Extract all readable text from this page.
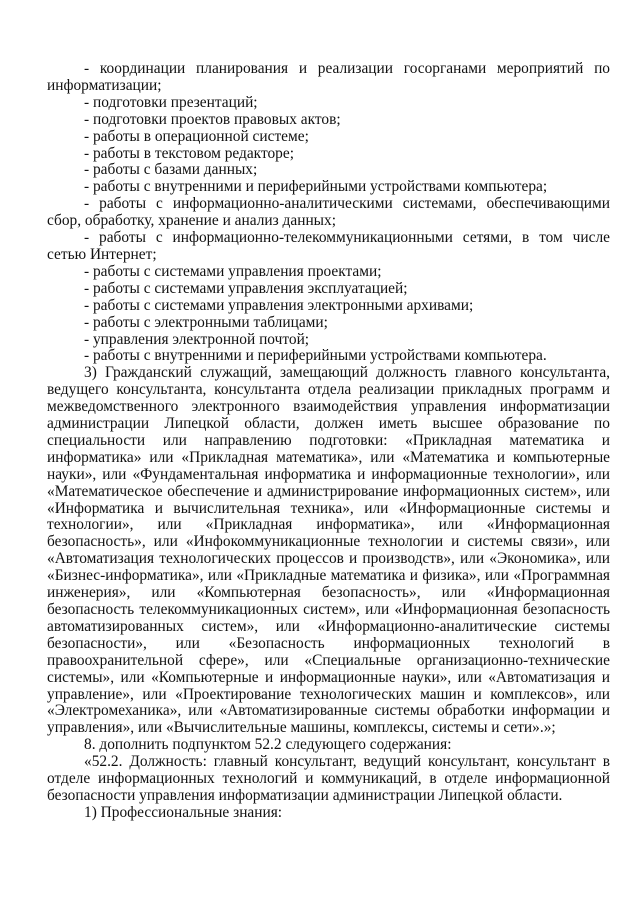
- координации планирования и реализации госорганами мероприятий по информатизации;

- подготовки презентаций;

- подготовки проектов правовых актов;

- работы в операционной системе;

- работы в текстовом редакторе;

- работы с базами данных;

- работы с внутренними и периферийными устройствами компьютера;

- работы с информационно-аналитическими системами, обеспечивающими сбор, обработку, хранение и анализ данных;

- работы с информационно-телекоммуникационными сетями, в том числе сетью Интернет;

- работы с системами управления проектами;

- работы с системами управления эксплуатацией;

- работы с системами управления электронными архивами;

- работы с электронными таблицами;

- управления электронной почтой;

- работы с внутренними и периферийными устройствами компьютера.

3) Гражданский служащий, замещающий должность главного консультанта, ведущего консультанта, консультанта отдела реализации прикладных программ и межведомственного электронного взаимодействия управления информатизации администрации Липецкой области, должен иметь высшее образование по специальности или направлению подготовки: «Прикладная математика и информатика» или «Прикладная математика», или «Математика и компьютерные науки», или «Фундаментальная информатика и информационные технологии», или «Математическое обеспечение и администрирование информационных систем», или «Информатика и вычислительная техника», или «Информационные системы и технологии», или «Прикладная информатика», или «Информационная безопасность», или «Инфокоммуникационные технологии и системы связи», или «Автоматизация технологических процессов и производств», или «Экономика», или «Бизнес-информатика», или «Прикладные математика и физика», или «Программная инженерия», или «Компьютерная безопасность», или «Информационная безопасность телекоммуникационных систем», или «Информационная безопасность автоматизированных систем», или «Информационно-аналитические системы безопасности», или «Безопасность информационных технологий в правоохранительной сфере», или «Специальные организационно-технические системы», или «Компьютерные и информационные науки», или «Автоматизация и управление», или «Проектирование технологических машин и комплексов», или «Электромеханика», или «Автоматизированные системы обработки информации и управления», или «Вычислительные машины, комплексы, системы и сети».»;

8. дополнить подпунктом 52.2 следующего содержания:

«52.2. Должность: главный консультант, ведущий консультант, консультант в отделе информационных технологий и коммуникаций, в отделе информационной безопасности управления информатизации администрации Липецкой области.

1) Профессиональные знания:
